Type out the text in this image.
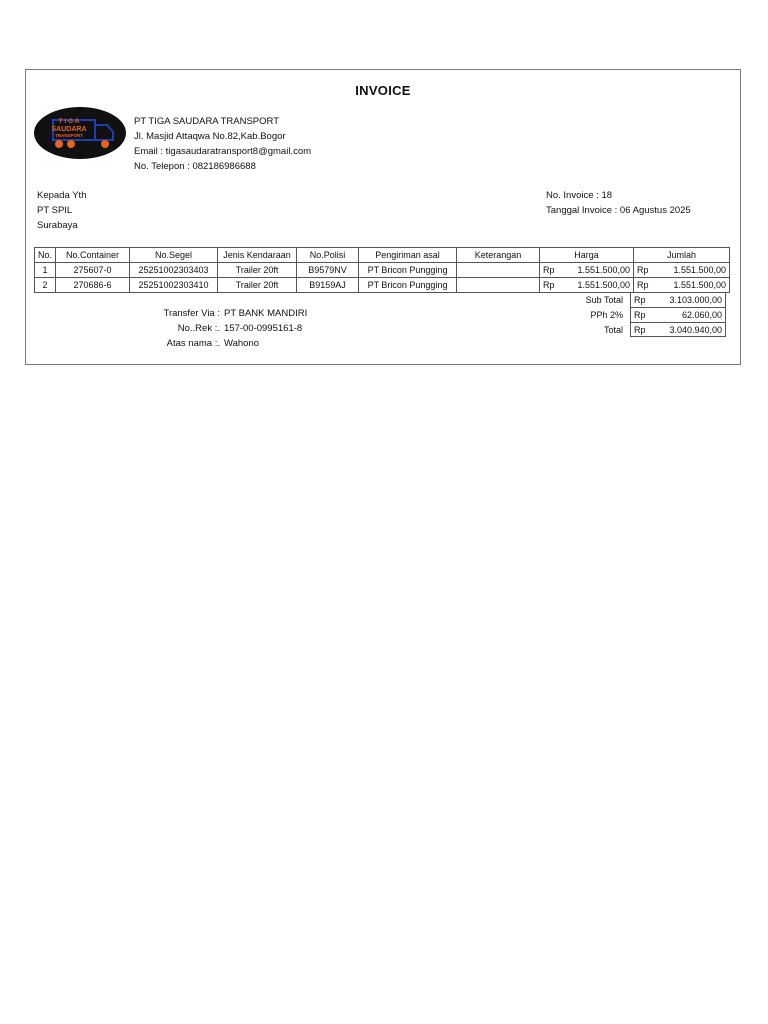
INVOICE
T I G A
SAUDARA
TRANSPORT
PT TIGA SAUDARA TRANSPORT
Jl. Masjid Attaqwa No.82,Kab.Bogor
Email : tigasaudaratransport8@gmail.com
No. Telepon : 082186986688
Kepada Yth
PT SPIL
Surabaya
No. Invoice : 18
Tanggal Invoice : 06 Agustus 2025
No.	No.Container	No.Segel	Jenis Kendaraan	No.Polisi	Pengiriman asal	Keterangan	Harga	Jumlah
1	275607-0	25251002303403	Trailer 20ft	B9579NV	PT Bricon Pungging		Rp 1.551.500,00	Rp 1.551.500,00

2	270686-6	25251002303410	Trailer 20ft	B9159AJ	PT Bricon Pungging		Rp 1.551.500,00	Rp 1.551.500,00
Sub Total	Rp	3.103.000,00
PPh 2%	Rp	62.060,00
Total	Rp	3.040.940,00
Transfer Via : PT BANK MANDIRI
No..Rek :. 157-00-0995161-8
Atas nama :. Wahono
